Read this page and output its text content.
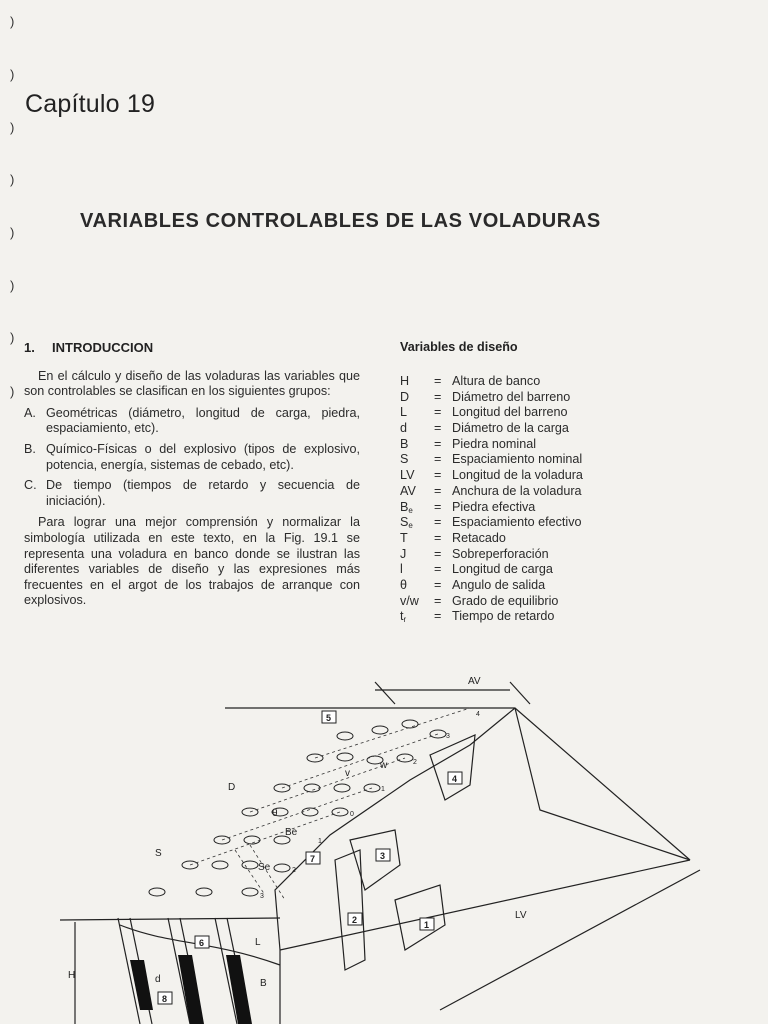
)
)
)
)
)
)
)
)
Capítulo 19
VARIABLES CONTROLABLES DE LAS VOLADURAS
1. INTRODUCCION

En el cálculo y diseño de las voladuras las variables que son controlables se clasifican en los siguientes grupos:

A. Geométricas (diámetro, longitud de carga, piedra, espaciamiento, etc).
B. Químico-Físicas o del explosivo (tipos de explosivo, potencia, energía, sistemas de cebado, etc).
C. De tiempo (tiempos de retardo y secuencia de iniciación).

Para lograr una mejor comprensión y normalizar la simbología utilizada en este texto, en la Fig. 19.1 se representa una voladura en banco donde se ilustran las diferentes variables de diseño y las expresiones más frecuentes en el argot de los trabajos de arranque con explosivos.

Variables de diseño
H	= Altura de banco
D	= Diámetro del barreno
L	= Longitud del barreno
d	= Diámetro de la carga
B	= Piedra nominal
S	= Espaciamiento nominal
LV	= Longitud de la voladura
AV	= Anchura de la voladura
$B_e$	= Piedra efectiva
$S_e$	= Espaciamiento efectivo
T	= Retacado
J	= Sobreperforación
l	= Longitud de carga
θ	= Angulo de salida
v/w	= Grado de equilibrio
$t_r$	= Tiempo de retardo
AV
LV
D
S
Se
Be
v
w
θ
H	d
L
B
4
3
2
1
0
1
2
3
5
4
3
7
2	1
6
8
